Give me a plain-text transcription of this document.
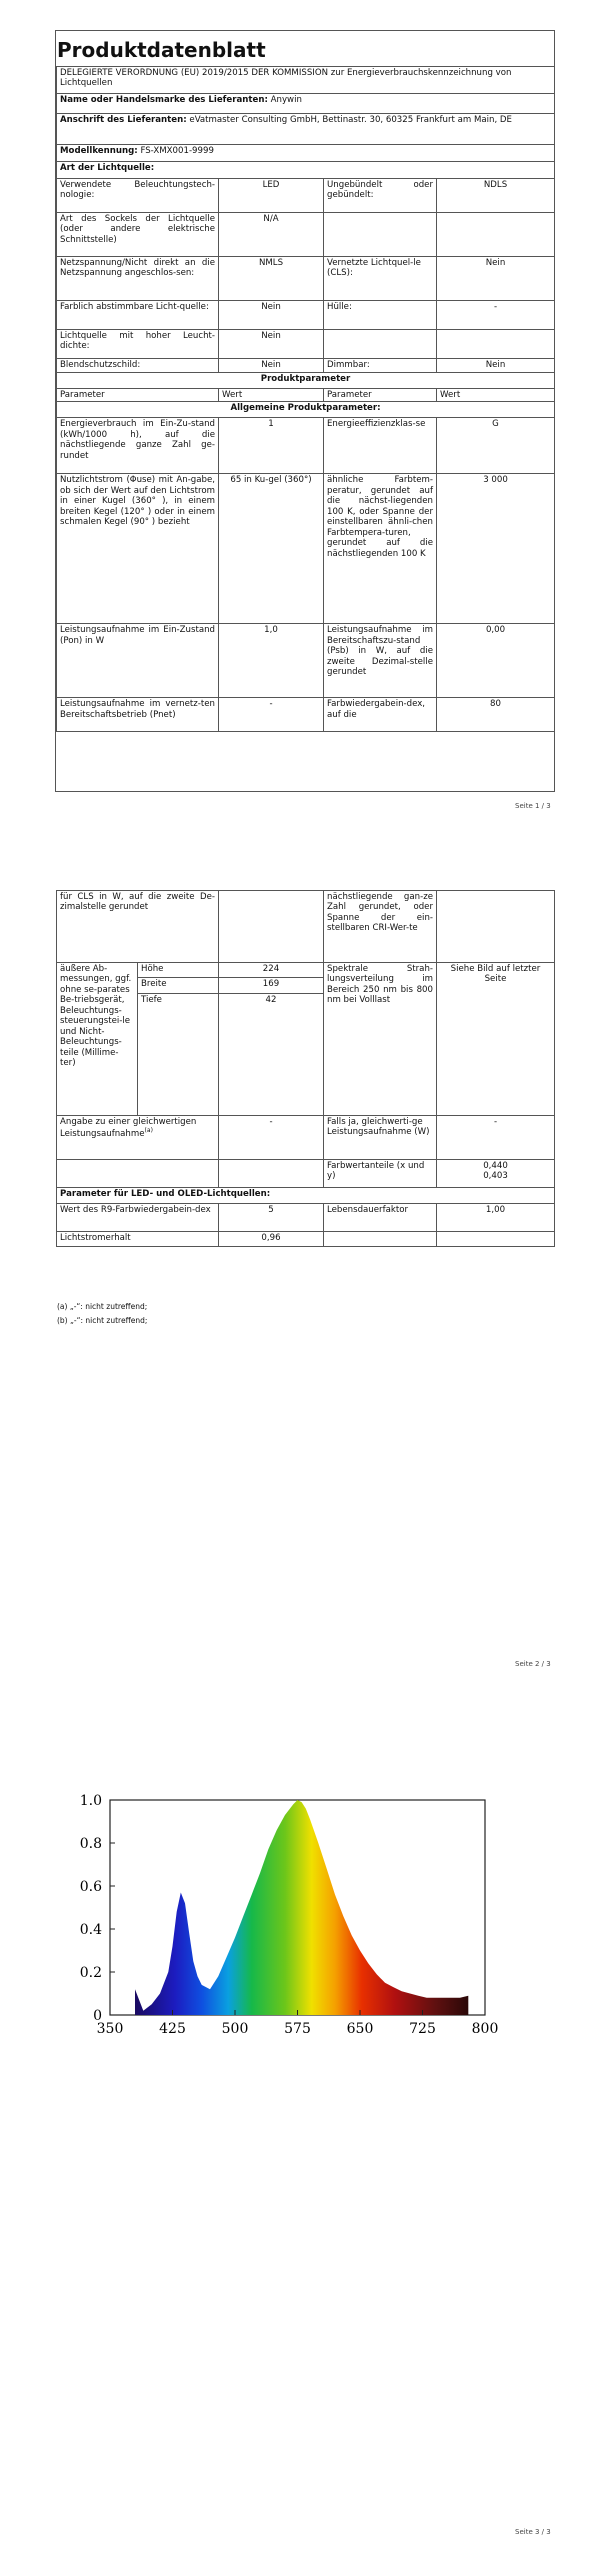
Produktdatenblatt
DELEGIERTE VERORDNUNG (EU) 2019/2015 DER KOMMISSION zur Energieverbrauchskennzeichnung von Lichtquellen			
Name oder Handelsmarke des Lieferanten: Anywin			
Anschrift des Lieferanten: eVatmaster Consulting GmbH, Bettinastr. 30, 60325 Frankfurt am Main, DE			
Modellkennung: FS-XMX001-9999			
Art der Lichtquelle:			
Verwendete Beleuchtungstech-nologie:	LED	Ungebündelt oder gebündelt:	NDLS
Art des Sockels der Lichtquelle (oder andere elektrische Schnittstelle)	N/A		
Netzspannung/Nicht direkt an die Netzspannung angeschlos-sen:	NMLS	Vernetzte Lichtquel-le (CLS):	Nein
Farblich abstimmbare Licht-quelle:	Nein	Hülle:	-
Lichtquelle mit hoher Leucht-dichte:	Nein		
Blendschutzschild:	Nein	Dimmbar:	Nein
Produktparameter			
Parameter	Wert	Parameter	Wert
Allgemeine Produktparameter:			
Energieverbrauch im Ein-Zu-stand (kWh/1000 h), auf die nächstliegende ganze Zahl ge-rundet	1	Energieeffizienzklas-se	G
Nutzlichtstrom (Φuse) mit An-gabe, ob sich der Wert auf den Lichtstrom in einer Kugel (360° ), in einem breiten Kegel (120° ) oder in einem schmalen Kegel (90° ) bezieht	65 in Ku-gel (360°)	ähnliche Farbtem-peratur, gerundet auf die nächst-liegenden 100 K, oder Spanne der einstellbaren ähnli-chen Farbtempera-turen, gerundet auf die nächstliegenden 100 K	3 000
Leistungsaufnahme im Ein-Zustand (Pon) in W	1,0	Leistungsaufnahme im Bereitschaftszu-stand (Psb) in W, auf die zweite Dezimal-stelle gerundet	0,00
Leistungsaufnahme im vernetz-ten Bereitschaftsbetrieb (Pnet)	-	Farbwiedergabein-dex, auf die	80
Seite 1 / 3
für CLS in W, auf die zweite De-zimalstelle gerundet			nächstliegende gan-ze Zahl gerundet, oder Spanne der ein-stellbaren CRI-Wer-te	
äußere Ab-messungen, ggf. ohne se-parates Be-triebsgerät, Beleuchtungs-steuerungstei-le und Nicht-Beleuchtungs-teile (Millime-ter)	Höhe	224	Spektrale Strah-lungsverteilung im Bereich 250 nm bis 800 nm bei Volllast	Siehe Bild auf letzter Seite
	Breite	169		
	Tiefe	42		
Angabe zu einer gleichwertigen Leistungsaufnahme$^{(a)}$		-	Falls ja, gleichwerti-ge Leistungsaufnahme (W)	-
			Farbwertanteile (x und y)	0,440
0,403

Parameter für LED- und OLED-Lichtquellen:				
Wert des R9-Farbwiedergabein-dex		5	Lebensdauerfaktor	1,00
Lichtstromerhalt		0,96		
(a) „-“: nicht zutreffend;
(b) „-“: nicht zutreffend;
Seite 2 / 3
350	425	500	575	650	725	800
0
0.2
0.4
0.6
0.8
1.0
Seite 3 / 3
